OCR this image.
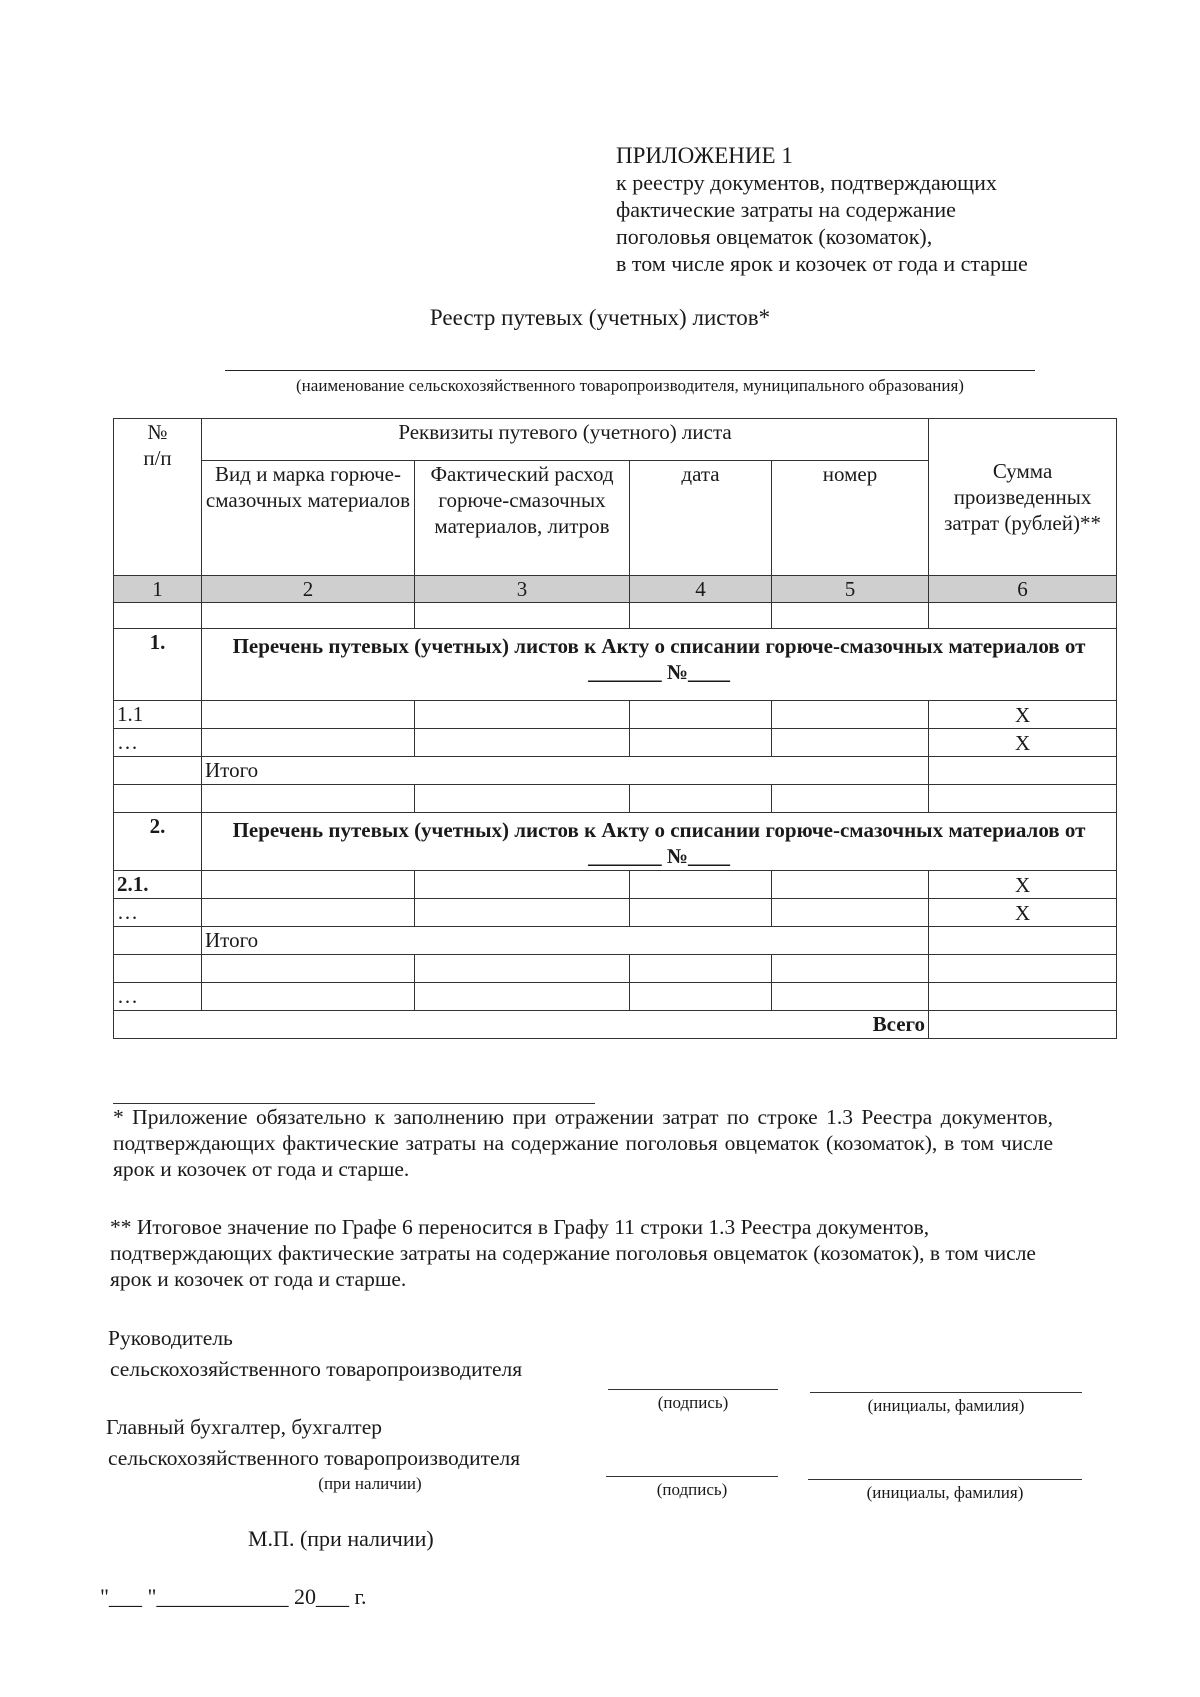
ПРИЛОЖЕНИЕ 1
к реестру документов, подтверждающих
фактические затраты на содержание
поголовья овцематок (козоматок),
в том числе ярок и козочек от года и старше
Реестр путевых (учетных) листов*
(наименование сельскохозяйственного товаропроизводителя, муниципального образования)
№
п/п	Реквизиты путевого (учетного) листа				Сумма произведенных затрат (рублей)**
	Вид и марка горюче-смазочных материалов	Фактический расход горюче-смазочных материалов, литров	дата	номер	
1	2	3	4	5	6

1.	Перечень путевых (учетных) листов к Акту о списании горюче-смазочных материалов от _______ №____				
1.1					Х
…					Х
	Итого				

2.	Перечень путевых (учетных) листов к Акту о списании горюче-смазочных материалов от _______ №____				
2.1.					Х
…					Х
	Итого				

…					
Всего					
* Приложение обязательно к заполнению при отражении затрат по строке 1.3 Реестра документов, подтверждающих фактические затраты на содержание поголовья овцематок (козоматок), в том числе ярок и козочек от года и старше.
** Итоговое значение по Графе 6 переносится в Графу 11 строки 1.3 Реестра документов, подтверждающих фактические затраты на содержание поголовья овцематок (козоматок), в том числе ярок и козочек от года и старше.
Руководитель
сельскохозяйственного товаропроизводителя
(подпись)	(инициалы, фамилия)
Главный бухгалтер, бухгалтер
сельскохозяйственного товаропроизводителя
(при наличии)	(подпись)	(инициалы, фамилия)
М.П. (при наличии)
"___ "____________ 20___ г.
